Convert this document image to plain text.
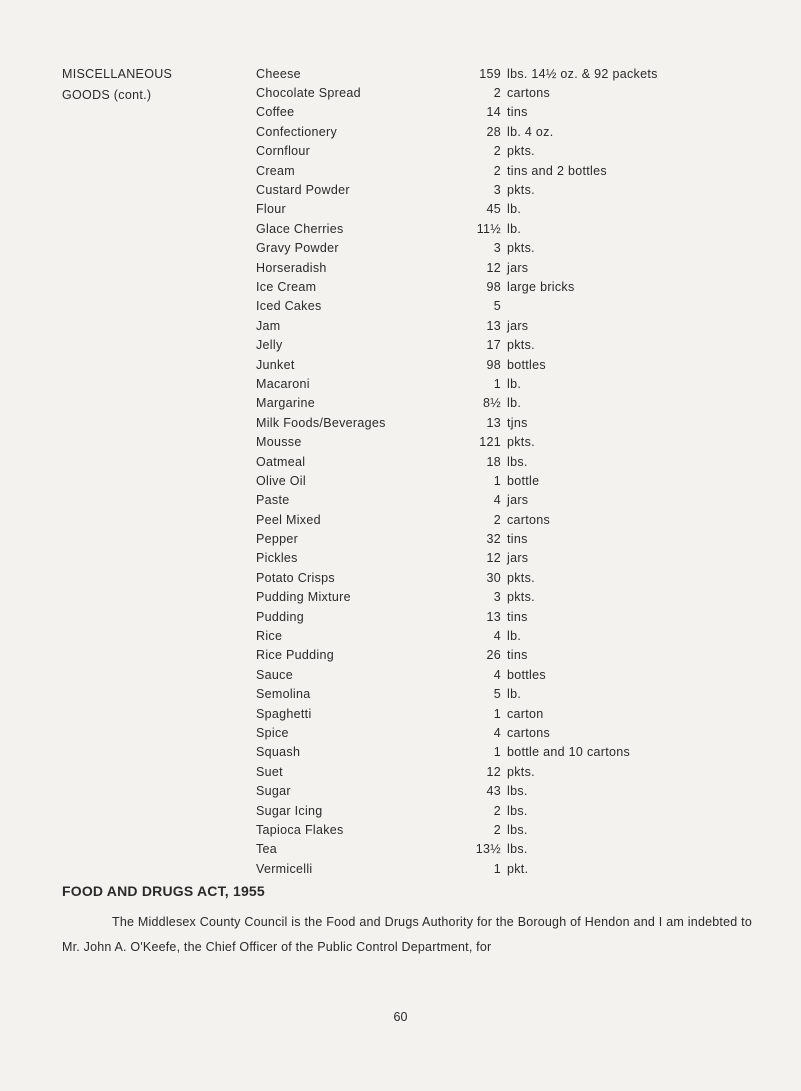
MISCELLANEOUS
GOODS (cont.)
Cheese	159 lbs. 14½ oz. & 92 packets
Chocolate Spread	2 cartons
Coffee	14 tins
Confectionery	28 lb. 4 oz.
Cornflour	2 pkts.
Cream	2 tins and 2 bottles
Custard Powder	3 pkts.
Flour	45 lb.
Glace Cherries	11½ lb.
Gravy Powder	3 pkts.
Horseradish	12 jars
Ice Cream	98 large bricks
Iced Cakes	5
Jam	13 jars
Jelly	17 pkts.
Junket	98 bottles
Macaroni	1 lb.
Margarine	8½ lb.
Milk Foods/Beverages	13 tjns
Mousse	121 pkts.
Oatmeal	18 lbs.
Olive Oil	1 bottle
Paste	4 jars
Peel Mixed	2 cartons
Pepper	32 tins
Pickles	12 jars
Potato Crisps	30 pkts.
Pudding Mixture	3 pkts.
Pudding	13 tins
Rice	4 lb.
Rice Pudding	26 tins
Sauce	4 bottles
Semolina	5 lb.
Spaghetti	1 carton
Spice	4 cartons
Squash	1 bottle and 10 cartons
Suet	12 pkts.
Sugar	43 lbs.
Sugar Icing	2 lbs.
Tapioca Flakes	2 lbs.
Tea	13½ lbs.
Vermicelli	1 pkt.
FOOD AND DRUGS ACT, 1955
The Middlesex County Council is the Food and Drugs Authority for the Borough of Hendon and I am indebted to Mr. John A. O'Keefe, the Chief Officer of the Public Control Department, for
60
